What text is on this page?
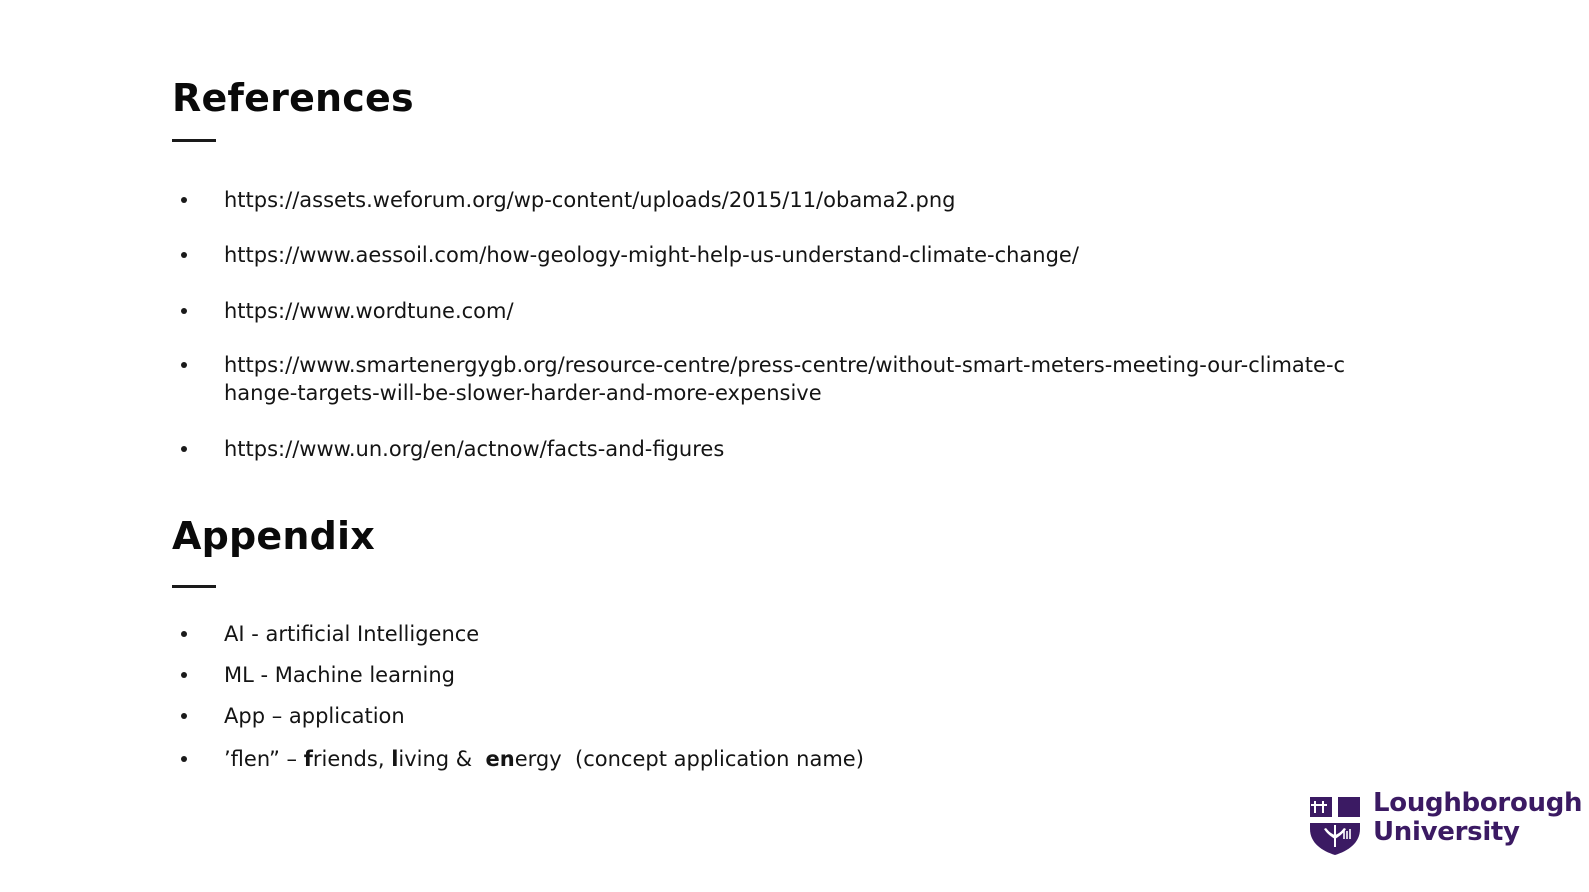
References
https://assets.weforum.org/wp-content/uploads/2015/11/obama2.png
https://www.aessoil.com/how-geology-might-help-us-understand-climate-change/
https://www.wordtune.com/
https://www.smartenergygb.org/resource-centre/press-centre/without-smart-meters-meeting-our-climate-change-targets-will-be-slower-harder-and-more-expensive
https://www.un.org/en/actnow/facts-and-figures
Appendix
AI - artificial Intelligence
ML - Machine learning
App – application
’flen” – friends, living &  energy  (concept application name)
Loughborough
University
